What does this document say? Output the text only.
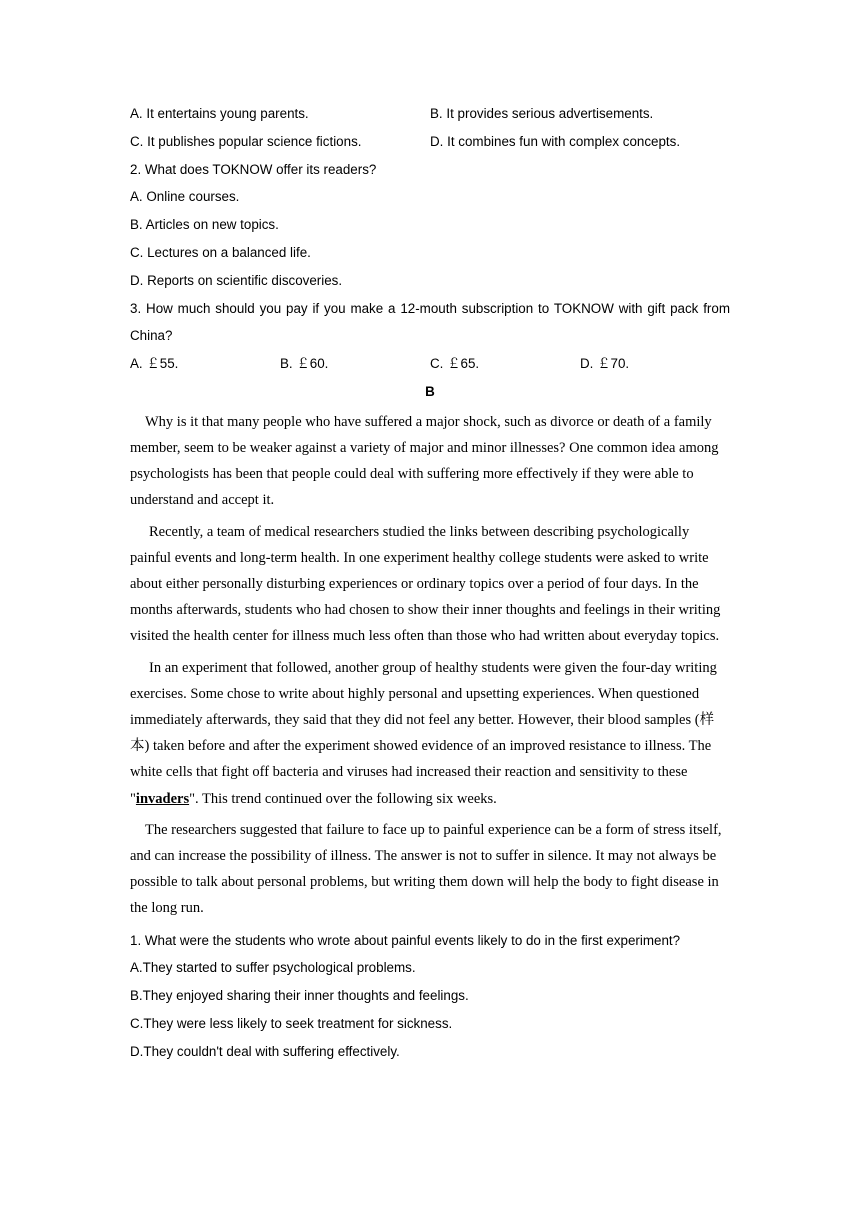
A. It entertains young parents.	B. It provides serious advertisements.
C. It publishes popular science fictions.	D. It combines fun with complex concepts.
2. What does TOKNOW offer its readers?
A. Online courses.
B. Articles on new topics.
C. Lectures on a balanced life.
D. Reports on scientific discoveries.
3. How much should you pay if you make a 12-mouth subscription to TOKNOW with gift pack from China?
A. ￡55.	B. ￡60.	C. ￡65.	D. ￡70.
B

Why is it that many people who have suffered a major shock, such as divorce or death of a family member, seem to be weaker against a variety of major and minor illnesses? One common idea among psychologists has been that people could deal with suffering more effectively if they were able to understand and accept it.

Recently, a team of medical researchers studied the links between describing psychologically painful events and long-term health. In one experiment healthy college students were asked to write about either personally disturbing experiences or ordinary topics over a period of four days. In the months afterwards, students who had chosen to show their inner thoughts and feelings in their writing visited the health center for illness much less often than those who had written about everyday topics.

In an experiment that followed, another group of healthy students were given the four-day writing exercises. Some chose to write about highly personal and upsetting experiences. When questioned immediately afterwards, they said that they did not feel any better. However, their blood samples (样本) taken before and after the experiment showed evidence of an improved resistance to illness. The white cells that fight off bacteria and viruses had increased their reaction and sensitivity to these "invaders". This trend continued over the following six weeks.

The researchers suggested that failure to face up to painful experience can be a form of stress itself, and can increase the possibility of illness. The answer is not to suffer in silence. It may not always be possible to talk about personal problems, but writing them down will help the body to fight disease in the long run.

1. What were the students who wrote about painful events likely to do in the first experiment?
A.They started to suffer psychological problems.
B.They enjoyed sharing their inner thoughts and feelings.
C.They were less likely to seek treatment for sickness.
D.They couldn't deal with suffering effectively.
